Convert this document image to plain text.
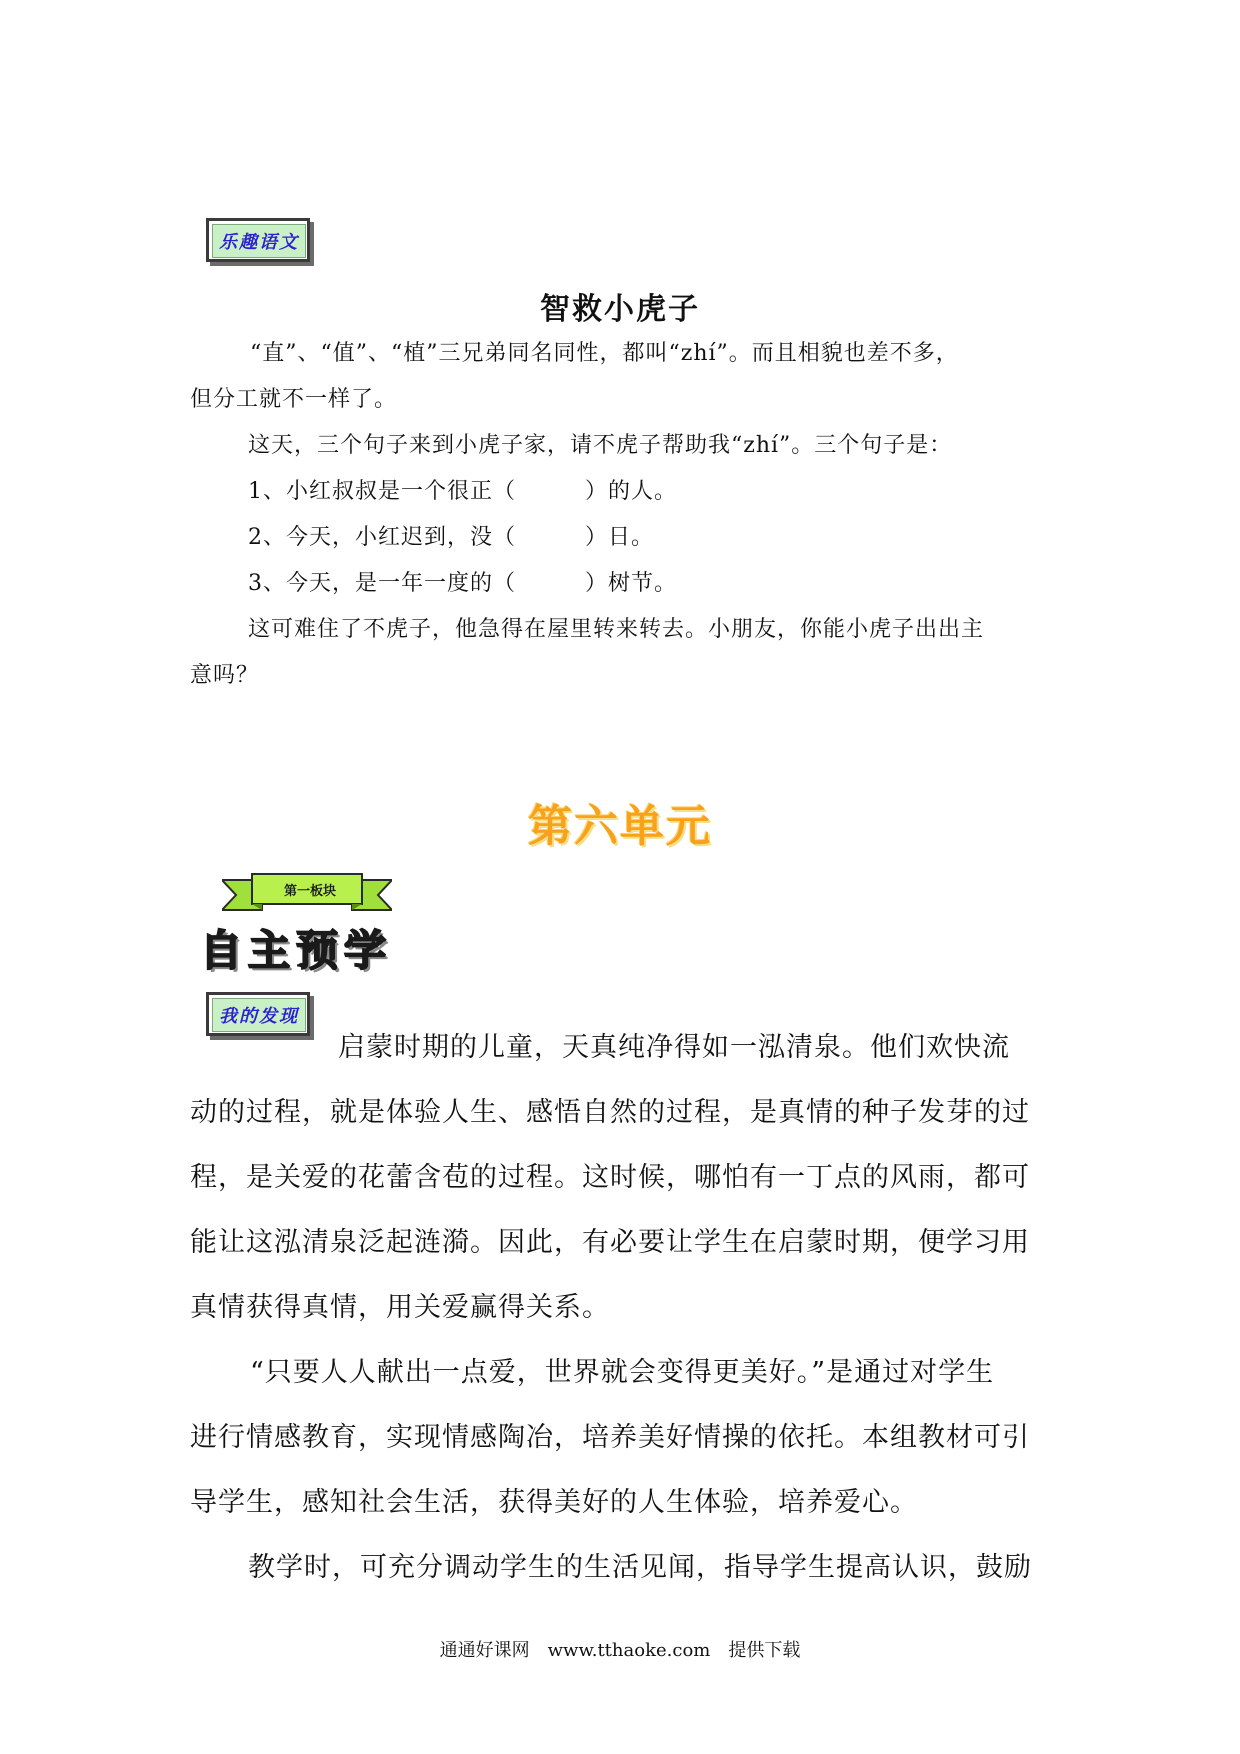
乐趣语文
智救小虎子
“直”、“值”、“植”三兄弟同名同性，都叫“zhí”。而且相貌也差不多，
但分工就不一样了。
这天，三个句子来到小虎子家，请不虎子帮助我“zhí”。三个句子是：
1、小红叔叔是一个很正（　　　）的人。
2、今天，小红迟到，没（　　　）日。
3、今天，是一年一度的（　　　）树节。
这可难住了不虎子，他急得在屋里转来转去。小朋友，你能小虎子出出主
意吗？
第六单元
第一板块
自主预学
我的发现
启蒙时期的儿童，天真纯净得如一泓清泉。他们欢快流
动的过程，就是体验人生、感悟自然的过程，是真情的种子发芽的过
程，是关爱的花蕾含苞的过程。这时候，哪怕有一丁点的风雨，都可
能让这泓清泉泛起涟漪。因此，有必要让学生在启蒙时期，便学习用
真情获得真情，用关爱赢得关系。
“只要人人献出一点爱，世界就会变得更美好。”是通过对学生
进行情感教育，实现情感陶冶，培养美好情操的依托。本组教材可引
导学生，感知社会生活，获得美好的人生体验，培养爱心。
教学时，可充分调动学生的生活见闻，指导学生提高认识，鼓励
通通好课网　www.tthaoke.com　提供下载
